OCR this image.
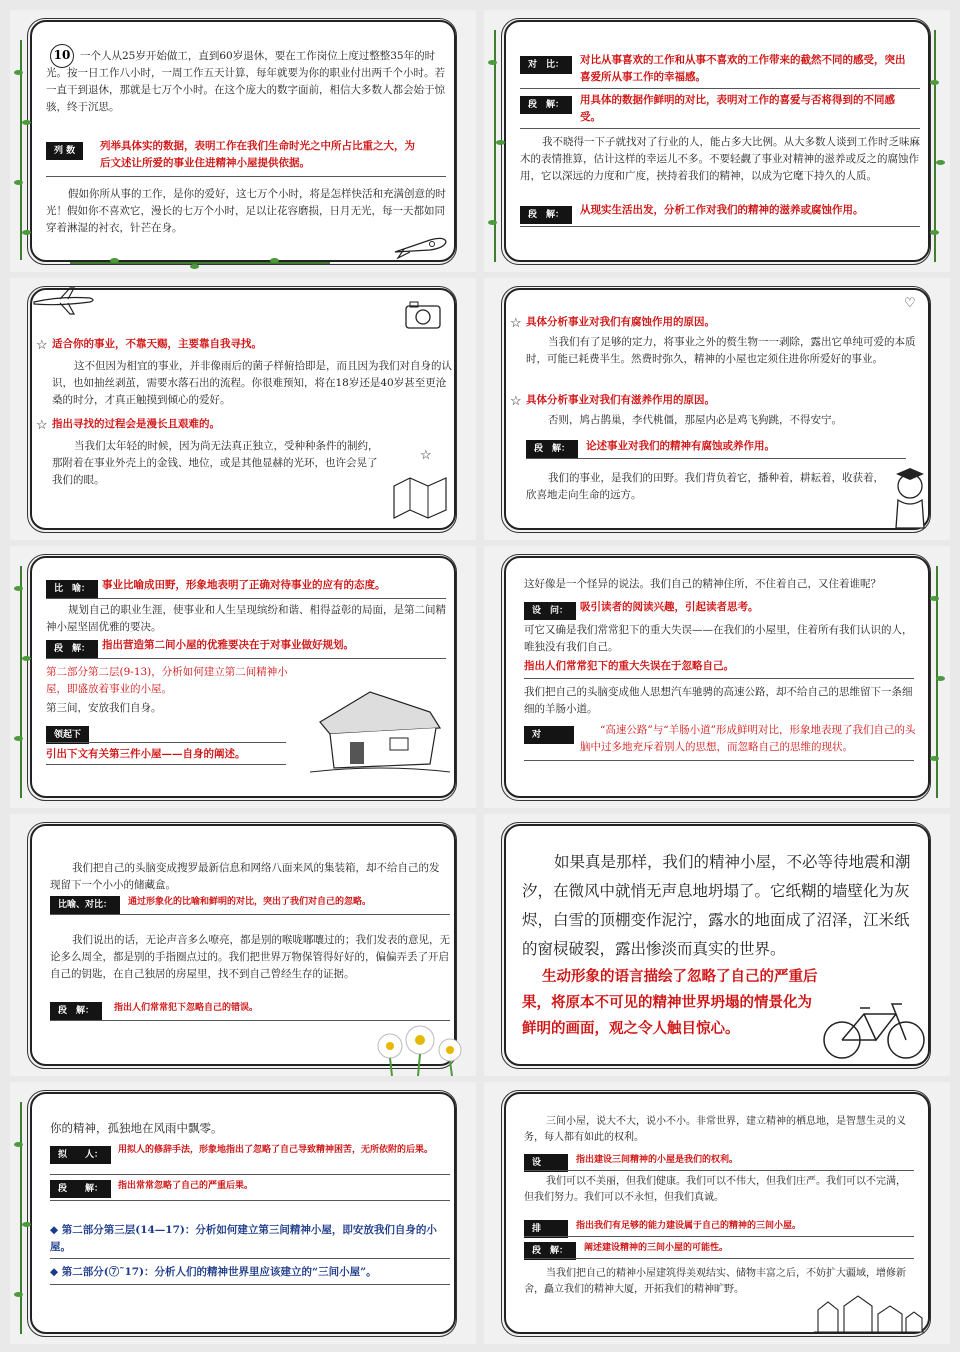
10 一个人从25岁开始做工，直到60岁退休，要在工作岗位上度过整整35年的时光。按一日工作八小时，一周工作五天计算，每年就要为你的职业付出两千个小时。若一直干到退休，那就是七万个小时。在这个庞大的数字面前，相信大多数人都会始于惊骇，终于沉思。
列 数	列举具体实的数据，表明工作在我们生命时光之中所占比重之大，为后文述让所爱的事业住进精神小屋提供依据。
假如你所从事的工作，是你的爱好，这七万个小时，将是怎样快活和充满创意的时光！假如你不喜欢它，漫长的七万个小时，足以让花容磨损，日月无光，每一天都如同穿着淋湿的衬衣，针芒在身。
对　比：	对比从事喜欢的工作和从事不喜欢的工作带来的截然不同的感受，突出喜爱所从事工作的幸福感。
段　解：	用具体的数据作鲜明的对比，表明对工作的喜爱与否将得到的不同感受。
我不晓得一下子就找对了行业的人，能占多大比例。从大多数人谈到工作时乏味麻木的表情推算，估计这样的幸运儿不多。不要轻觑了事业对精神的滋养或反之的腐蚀作用，它以深远的力度和广度，挟持着我们的精神，以成为它麾下持久的人质。
段　解：	从现实生活出发，分析工作对我们的精神的滋养或腐蚀作用。
☆ 适合你的事业，不靠天赐，主要靠自我寻找。
这不但因为相宜的事业，并非像雨后的菌子样俯拾即是，而且因为我们对自身的认识，也如抽丝剥茧，需要水落石出的流程。你很难预知，将在18岁还是40岁甚至更沧桑的时分，才真正触摸到倾心的爱好。
☆ 指出寻找的过程会是漫长且艰难的。
当我们太年轻的时候，因为尚无法真正独立，受种种条件的制约，那附着在事业外壳上的金钱、地位，或是其他显赫的光环，也许会晃了我们的眼。
☆
♡
☆ 具体分析事业对我们有腐蚀作用的原因。
当我们有了足够的定力，将事业之外的赘生物一一剥除，露出它单纯可爱的本质时，可能已耗费半生。然费时弥久，精神的小屋也定须住进你所爱好的事业。
☆ 具体分析事业对我们有滋养作用的原因。
否则，鸠占鹊巢，李代桃僵，那屋内必是鸡飞狗跳，不得安宁。
段　解：	论述事业对我们的精神有腐蚀或养作用。
我们的事业，是我们的田野。我们背负着它，播种着，耕耘着，收获着，欣喜地走向生命的远方。
比　喻：	事业比喻成田野，形象地表明了正确对待事业的应有的态度。
规划自己的职业生涯，使事业和人生呈现缤纷和谐、相得益彰的局面，是第二间精神小屋坚固优雅的要决。
段　解：	指出营造第二间小屋的优雅要决在于对事业做好规划。
第二部分第二层(9-13)，分析如何建立第二间精神小屋，即盛放着事业的小屋。
第三间，安放我们自身。
领起下
引出下文有关第三件小屋——自身的阐述。
这好像是一个怪异的说法。我们自己的精神住所，不住着自己，又住着谁呢？
设　问：	吸引读者的阅读兴趣，引起读者思考。
可它又确是我们常常犯下的重大失误——在我们的小屋里，住着所有我们认识的人，唯独没有我们自己。
指出人们常常犯下的重大失误在于忽略自己。
我们把自己的头脑变成他人思想汽车驰骋的高速公路，却不给自己的思维留下一条细细的羊肠小道。
对	“高速公路”与“羊肠小道”形成鲜明对比，形象地表现了我们自己的头脑中过多地充斥着别人的思想，而忽略自己的思维的现状。
我们把自己的头脑变成搜罗最新信息和网络八面来风的集装箱，却不给自己的发现留下一个小小的储藏盒。
比喻、对比：	通过形象化的比喻和鲜明的对比，突出了我们对自己的忽略。
我们说出的话，无论声音多么嘹亮，都是别的喉咙嘟嚷过的；我们发表的意见，无论多么周全，都是别的手指圈点过的。我们把世界万物保管得好好的，偏偏弄丢了开启自己的钥匙，在自己独居的房屋里，找不到自己曾经生存的证据。
段　解：	指出人们常常犯下忽略自己的错误。
如果真是那样，我们的精神小屋，不必等待地震和潮汐，在微风中就悄无声息地坍塌了。它纸糊的墙壁化为灰烬，白雪的顶棚变作泥泞，露水的地面成了沼泽，江米纸的窗棂破裂，露出惨淡而真实的世界。
生动形象的语言描绘了忽略了自己的严重后果，将原本不可见的精神世界坍塌的情景化为鲜明的画面，观之令人触目惊心。
你的精神，孤独地在风雨中飘零。
拟　　人：	用拟人的修辞手法，形象地指出了忽略了自己导致精神困苦，无所依附的后果。
段　　解：	指出常常忽略了自己的严重后果。
◆ 第二部分第三层(14—17)：分析如何建立第三间精神小屋，即安放我们自身的小屋。
◆ 第二部分(⑦˜17)：分析人们的精神世界里应该建立的“三间小屋”。
三间小屋，说大不大，说小不小。非常世界，建立精神的栖息地，是智慧生灵的义务，每人都有如此的权利。
设	指出建设三间精神的小屋是我们的权利。
我们可以不美丽，但我们健康。我们可以不伟大，但我们庄严。我们可以不完满，但我们努力。我们可以不永恒，但我们真诚。
排	指出我们有足够的能力建设属于自己的精神的三间小屋。
段　解：	阐述建设精神的三间小屋的可能性。
当我们把自己的精神小屋建筑得美观结实、储物丰富之后，不妨扩大疆域，增修新舍，矗立我们的精神大厦，开拓我们的精神旷野。
